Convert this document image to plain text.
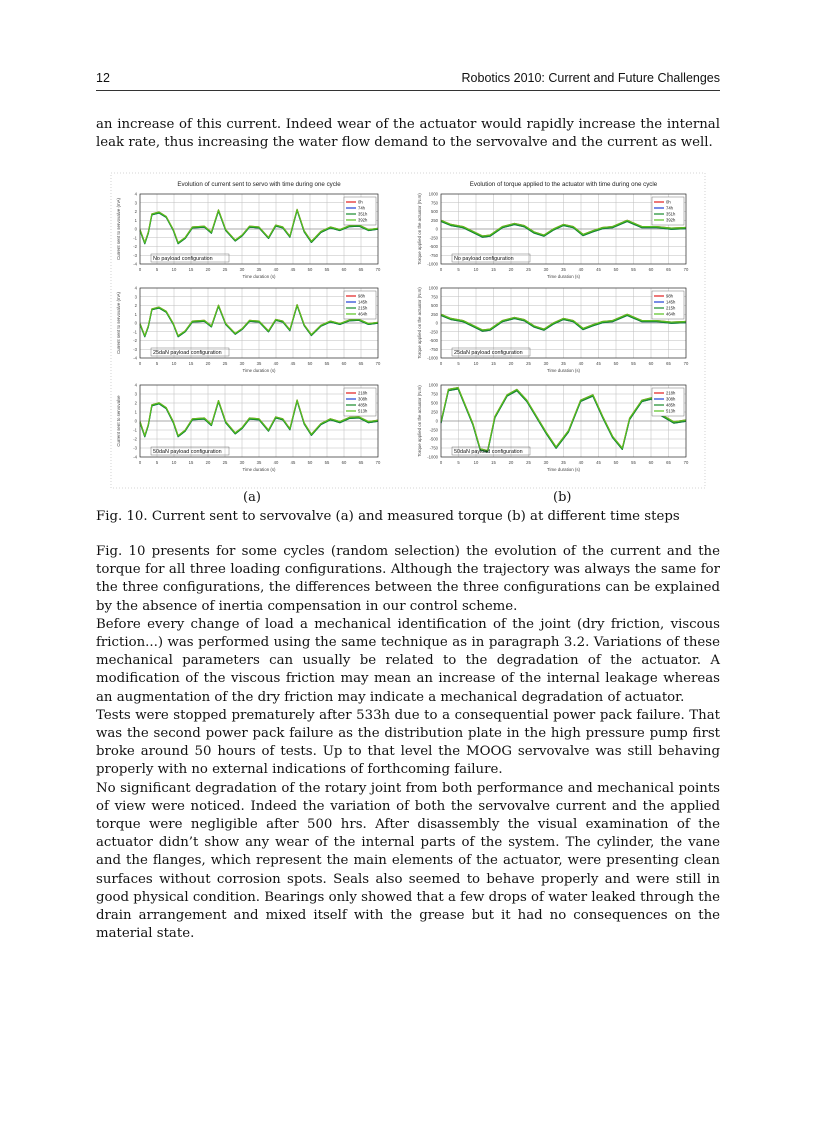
12	Robotics 2010: Current and Future Challenges
an increase of this current. Indeed wear of the actuator would rapidly increase the internal leak rate, thus increasing the water flow demand to the servovalve and the current as well.
Evolution of current sent to servo with time during one cycle
0	5	10	15	20	25	30	35	40	45	50	55	60	65	70
4
3
2
1
0
-1
-2
-3
-4
Time duration (s)
Current sent to servovalve (mA)	0h
74h
351h
392h
No payload configuration
0	5	10	15	20	25	30	35	40	45	50	55	60	65	70
4
3
2
1
0
-1
-2
-3
-4
Time duration (s)
Current sent to servovalve (mA)	98h
145h
215h
464h
25daN payload configuration
0	5	10	15	20	25	30	35	40	45	50	55	60	65	70
4
3
2
1
0
-1
-2
-3
-4
Time duration (s)
Current sent to servovalve
218h
308h
485h
513h
50daN payload configuration
Evolution of torque applied to the actuator with time during one cycle
0	5	10	15	20	25	30	35	40	45	50	55	60	65	70
1000
750
500
250
0
-250
-500
-750
-1000
Time duration (s)
Torque applied on the actuator (N.m)	0h
74h
351h
392h
No payload configuration
0	5	10	15	20	25	30	35	40	45	50	55	60	65	70
1000
750
500
250
0
-250
-500
-750
-1000
Time duration (s)
Torque applied on the actuator (N.m)	98h
145h
215h
464h
25daN payload configuration
0	5	10	15	20	25	30	35	40	45	50	55	60	65	70
1000
750
500
250
0
-250
-500
-750
-1000
Time duration (s)
Torque applied on the actuator (N.m)	218h
308h
485h
513h
50daN payload configuration
(a)	(b)
Fig. 10. Current sent to servovalve (a) and measured torque (b) at different time steps

Fig. 10 presents for some cycles (random selection) the evolution of the current and the torque for all three loading configurations. Although the trajectory was always the same for the three configurations, the differences between the three configurations can be explained by the absence of inertia compensation in our control scheme.

Before every change of load a mechanical identification of the joint (dry friction, viscous friction...) was performed using the same technique as in paragraph 3.2. Variations of these mechanical parameters can usually be related to the degradation of the actuator. A modification of the viscous friction may mean an increase of the internal leakage whereas an augmentation of the dry friction may indicate a mechanical degradation of actuator.

Tests were stopped prematurely after 533h due to a consequential power pack failure. That was the second power pack failure as the distribution plate in the high pressure pump first broke around 50 hours of tests. Up to that level the MOOG servovalve was still behaving properly with no external indications of forthcoming failure.

No significant degradation of the rotary joint from both performance and mechanical points of view were noticed. Indeed the variation of both the servovalve current and the applied torque were negligible after 500 hrs. After disassembly the visual examination of the actuator didn’t show any wear of the internal parts of the system. The cylinder, the vane and the flanges, which represent the main elements of the actuator, were presenting clean surfaces without corrosion spots. Seals also seemed to behave properly and were still in good physical condition. Bearings only showed that a few drops of water leaked through the drain arrangement and mixed itself with the grease but it had no consequences on the material state.
